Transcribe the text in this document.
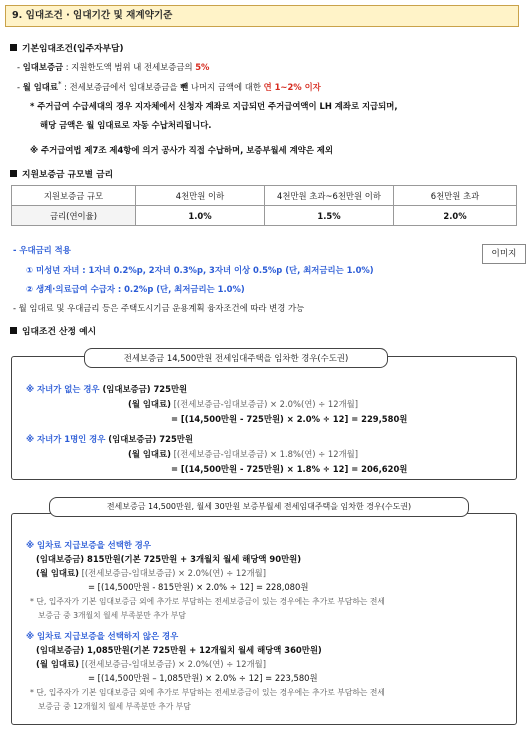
9. 임대조건 · 임대기간 및 재계약기준
기본임대조건(입주자부담)
- 임대보증금 : 지원한도액 범위 내 전세보증금의 5%
- 월 임대료* : 전세보증금에서 임대보증금을 뺀 나머지 금액에 대한 연 1~2% 이자
* 주거급여 수급세대의 경우 지자체에서 신청자 계좌로 지급되던 주거급여액이 LH 계좌로 지급되며,
해당 금액은 월 임대료로 자동 수납처리됩니다.
※ 주거급여법 제7조 제4항에 의거 공사가 직접 수납하며, 보증부월세 계약은 제외
지원보증금 규모별 금리
지원보증금 규모	4천만원 이하	4천만원 초과~6천만원 이하	6천만원 초과
금리(연이율)	1.0%	1.5%	2.0%
- 우대금리 적용	이미지
① 미성년 자녀 : 1자녀 0.2%p, 2자녀 0.3%p, 3자녀 이상 0.5%p (단, 최저금리는 1.0%)
② 생계·의료급여 수급자 : 0.2%p (단, 최저금리는 1.0%)
- 월 임대료 및 우대금리 등은 주택도시기금 운용계획 융자조건에 따라 변경 가능
임대조건 산정 예시
전세보증금 14,500만원 전세임대주택을 임차한 경우(수도권)
※ 자녀가 없는 경우 (임대보증금) 725만원
(월 임대료) [(전세보증금-임대보증금) × 2.0%(연) ÷ 12개월]
= [(14,500만원 - 725만원) × 2.0% ÷ 12] = 229,580원
※ 자녀가 1명인 경우 (임대보증금) 725만원
(월 임대료) [(전세보증금-임대보증금) × 1.8%(연) ÷ 12개월]
= [(14,500만원 - 725만원) × 1.8% ÷ 12] = 206,620원
전세보증금 14,500만원, 월세 30만원 보증부월세 전세임대주택을 임차한 경우(수도권)
※ 임차료 지급보증을 선택한 경우
(임대보증금) 815만원(기본 725만원 + 3개월치 월세 해당액 90만원)
(월 임대료) [(전세보증금-임대보증금) × 2.0%(연) ÷ 12개월]
= [(14,500만원 - 815만원) × 2.0% ÷ 12] = 228,080원
* 단, 입주자가 기본 임대보증금 외에 추가로 부담하는 전세보증금이 있는 경우에는 추가로 부담하는 전세
보증금 중 3개월치 월세 부족분만 추가 부담
※ 임차료 지급보증을 선택하지 않은 경우
(임대보증금) 1,085만원(기본 725만원 + 12개월치 월세 해당액 360만원)
(월 임대료) [(전세보증금-임대보증금) × 2.0%(연) ÷ 12개월]
= [(14,500만원 – 1,085만원) × 2.0% ÷ 12] = 223,580원
* 단, 입주자가 기본 임대보증금 외에 추가로 부담하는 전세보증금이 있는 경우에는 추가로 부담하는 전세
보증금 중 12개월치 월세 부족분만 추가 부담
